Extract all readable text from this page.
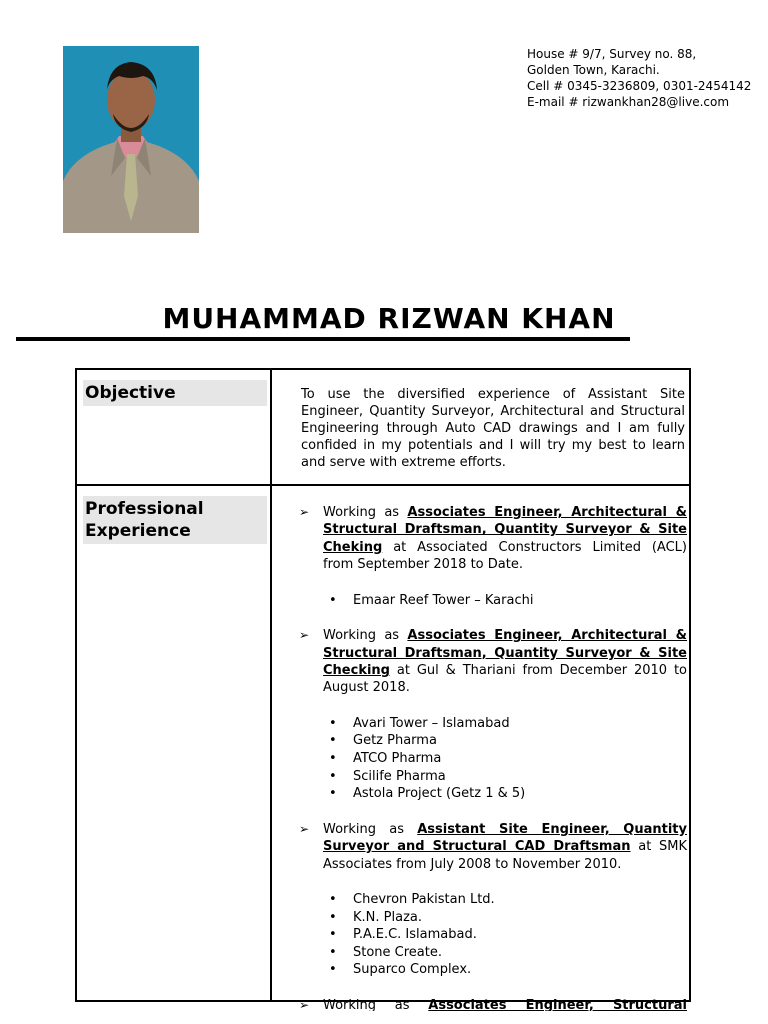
House # 9/7, Survey no. 88,
Golden Town, Karachi.
Cell # 0345-3236809, 0301-2454142
E-mail # rizwankhan28@live.com
MUHAMMAD RIZWAN KHAN
Objective	To use the diversified experience of Assistant Site Engineer, Quantity Surveyor, Architectural and Structural Engineering through Auto CAD drawings and I am fully confided in my potentials and I will try my best to learn and serve with extreme efforts.
Professional
Experience
➢ Working as Associates Engineer, Architectural & Structural Draftsman, Quantity Surveyor & Site Cheking at Associated Constructors Limited (ACL) from September 2018 to Date.
• Emaar Reef Tower – Karachi
➢ Working as Associates Engineer, Architectural & Structural Draftsman, Quantity Surveyor & Site Checking at Gul & Thariani from December 2010 to August 2018.
• Avari Tower – Islamabad
• Getz Pharma
• ATCO Pharma
• Scilife Pharma
• Astola Project (Getz 1 & 5)
➢ Working as Assistant Site Engineer, Quantity Surveyor and Structural CAD Draftsman at SMK Associates from July 2008 to November 2010.
• Chevron Pakistan Ltd.
• K.N. Plaza.
• P.A.E.C. Islamabad.
• Stone Create.
• Suparco Complex.
➢ Working as Associates Engineer, Structural
